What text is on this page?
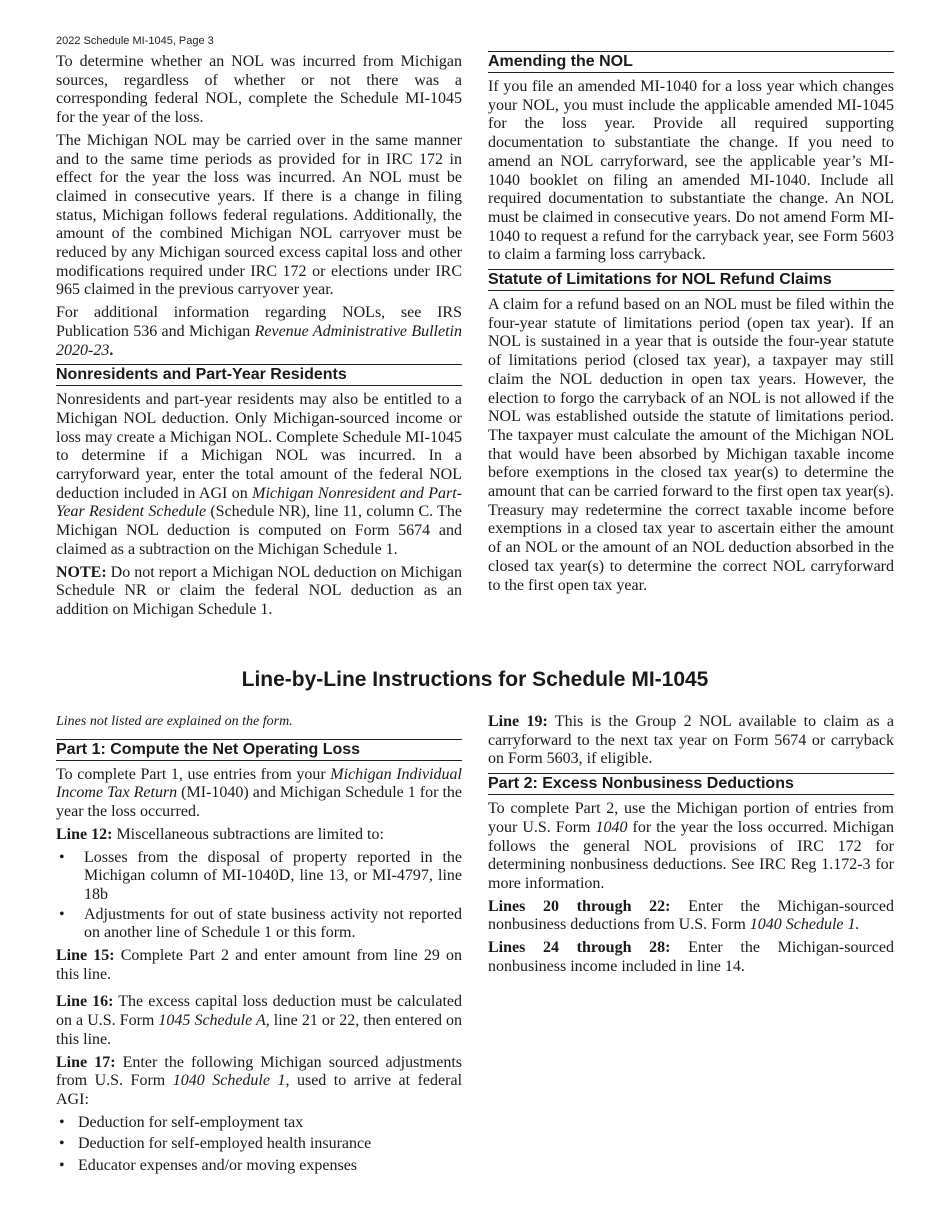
2022 Schedule MI-1045, Page 3

To determine whether an NOL was incurred from Michigan sources, regardless of whether or not there was a corresponding federal NOL, complete the Schedule MI-1045 for the year of the loss.

The Michigan NOL may be carried over in the same manner and to the same time periods as provided for in IRC 172 in effect for the year the loss was incurred. An NOL must be claimed in consecutive years. If there is a change in filing status, Michigan follows federal regulations. Additionally, the amount of the combined Michigan NOL carryover must be reduced by any Michigan sourced excess capital loss and other modifications required under IRC 172 or elections under IRC 965 claimed in the previous carryover year.

For additional information regarding NOLs, see IRS Publication 536 and Michigan Revenue Administrative Bulletin 2020-23.

Nonresidents and Part-Year Residents

Nonresidents and part-year residents may also be entitled to a Michigan NOL deduction. Only Michigan-sourced income or loss may create a Michigan NOL. Complete Schedule MI-1045 to determine if a Michigan NOL was incurred. In a carryforward year, enter the total amount of the federal NOL deduction included in AGI on Michigan Nonresident and Part-Year Resident Schedule (Schedule NR), line 11, column C. The Michigan NOL deduction is computed on Form 5674 and claimed as a subtraction on the Michigan Schedule 1.

NOTE: Do not report a Michigan NOL deduction on Michigan Schedule NR or claim the federal NOL deduction as an addition on Michigan Schedule 1.

Amending the NOL

If you file an amended MI-1040 for a loss year which changes your NOL, you must include the applicable amended MI-1045 for the loss year. Provide all required supporting documentation to substantiate the change. If you need to amend an NOL carryforward, see the applicable year’s MI-1040 booklet on filing an amended MI-1040. Include all required documentation to substantiate the change. An NOL must be claimed in consecutive years. Do not amend Form MI-1040 to request a refund for the carryback year, see Form 5603 to claim a farming loss carryback.

Statute of Limitations for NOL Refund Claims

A claim for a refund based on an NOL must be filed within the four-year statute of limitations period (open tax year). If an NOL is sustained in a year that is outside the four-year statute of limitations period (closed tax year), a taxpayer may still claim the NOL deduction in open tax years. However, the election to forgo the carryback of an NOL is not allowed if the NOL was established outside the statute of limitations period. The taxpayer must calculate the amount of the Michigan NOL that would have been absorbed by Michigan taxable income before exemptions in the closed tax year(s) to determine the amount that can be carried forward to the first open tax year(s). Treasury may redetermine the correct taxable income before exemptions in a closed tax year to ascertain either the amount of an NOL or the amount of an NOL deduction absorbed in the closed tax year(s) to determine the correct NOL carryforward to the first open tax year.

Line-by-Line Instructions for Schedule MI-1045

Lines not listed are explained on the form.

Part 1: Compute the Net Operating Loss

To complete Part 1, use entries from your Michigan Individual Income Tax Return (MI-1040) and Michigan Schedule 1 for the year the loss occurred.

Line 12: Miscellaneous subtractions are limited to:

• Losses from the disposal of property reported in the Michigan column of MI-1040D, line 13, or MI-4797, line 18b
• Adjustments for out of state business activity not reported on another line of Schedule 1 or this form.

Line 15: Complete Part 2 and enter amount from line 29 on this line.

Line 16: The excess capital loss deduction must be calculated on a U.S. Form 1045 Schedule A, line 21 or 22, then entered on this line.

Line 17: Enter the following Michigan sourced adjustments from U.S. Form 1040 Schedule 1, used to arrive at federal AGI:

• Deduction for self-employment tax
• Deduction for self-employed health insurance
• Educator expenses and/or moving expenses

Line 19: This is the Group 2 NOL available to claim as a carryforward to the next tax year on Form 5674 or carryback on Form 5603, if eligible.

Part 2: Excess Nonbusiness Deductions

To complete Part 2, use the Michigan portion of entries from your U.S. Form 1040 for the year the loss occurred. Michigan follows the general NOL provisions of IRC 172 for determining nonbusiness deductions. See IRC Reg 1.172-3 for more information.

Lines 20 through 22: Enter the Michigan-sourced nonbusiness deductions from U.S. Form 1040 Schedule 1.

Lines 24 through 28: Enter the Michigan-sourced nonbusiness income included in line 14.
